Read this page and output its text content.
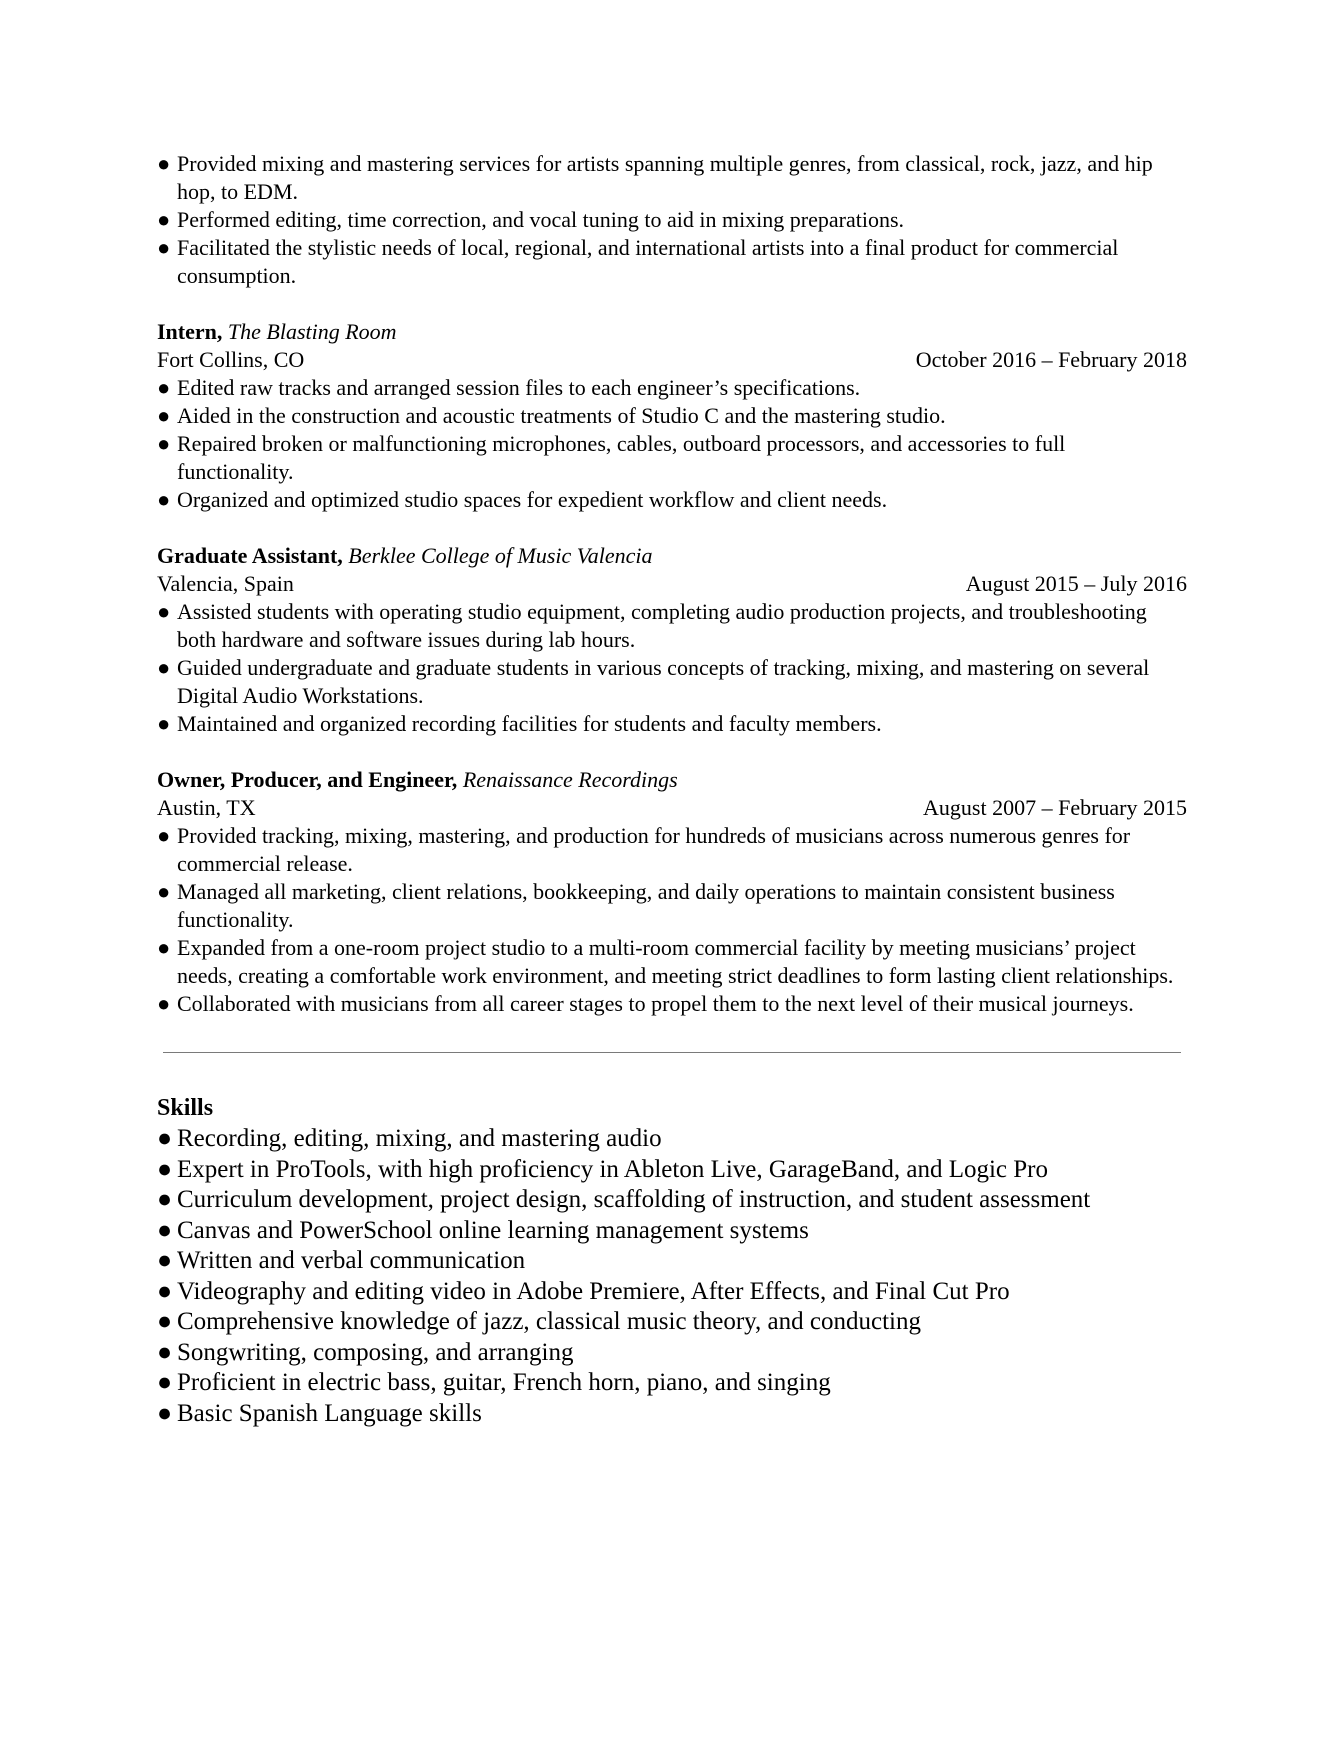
● Provided mixing and mastering services for artists spanning multiple genres, from classical, rock, jazz, and hip hop, to EDM.
● Performed editing, time correction, and vocal tuning to aid in mixing preparations.
● Facilitated the stylistic needs of local, regional, and international artists into a final product for commercial consumption.
Intern, The Blasting Room
Fort Collins, CO	October 2016 – February 2018
● Edited raw tracks and arranged session files to each engineer’s specifications.
● Aided in the construction and acoustic treatments of Studio C and the mastering studio.
● Repaired broken or malfunctioning microphones, cables, outboard processors, and accessories to full functionality.
● Organized and optimized studio spaces for expedient workflow and client needs.
Graduate Assistant, Berklee College of Music Valencia
Valencia, Spain	August 2015 – July 2016
● Assisted students with operating studio equipment, completing audio production projects, and troubleshooting both hardware and software issues during lab hours.
● Guided undergraduate and graduate students in various concepts of tracking, mixing, and mastering on several Digital Audio Workstations.
● Maintained and organized recording facilities for students and faculty members.
Owner, Producer, and Engineer, Renaissance Recordings
Austin, TX	August 2007 – February 2015
● Provided tracking, mixing, mastering, and production for hundreds of musicians across numerous genres for commercial release.
● Managed all marketing, client relations, bookkeeping, and daily operations to maintain consistent business functionality.
● Expanded from a one-room project studio to a multi-room commercial facility by meeting musicians’ project needs, creating a comfortable work environment, and meeting strict deadlines to form lasting client relationships.
● Collaborated with musicians from all career stages to propel them to the next level of their musical journeys.
Skills
● Recording, editing, mixing, and mastering audio
● Expert in ProTools, with high proficiency in Ableton Live, GarageBand, and Logic Pro
● Curriculum development, project design, scaffolding of instruction, and student assessment
● Canvas and PowerSchool online learning management systems
● Written and verbal communication
● Videography and editing video in Adobe Premiere, After Effects, and Final Cut Pro
● Comprehensive knowledge of jazz, classical music theory, and conducting
● Songwriting, composing, and arranging
● Proficient in electric bass, guitar, French horn, piano, and singing
● Basic Spanish Language skills
